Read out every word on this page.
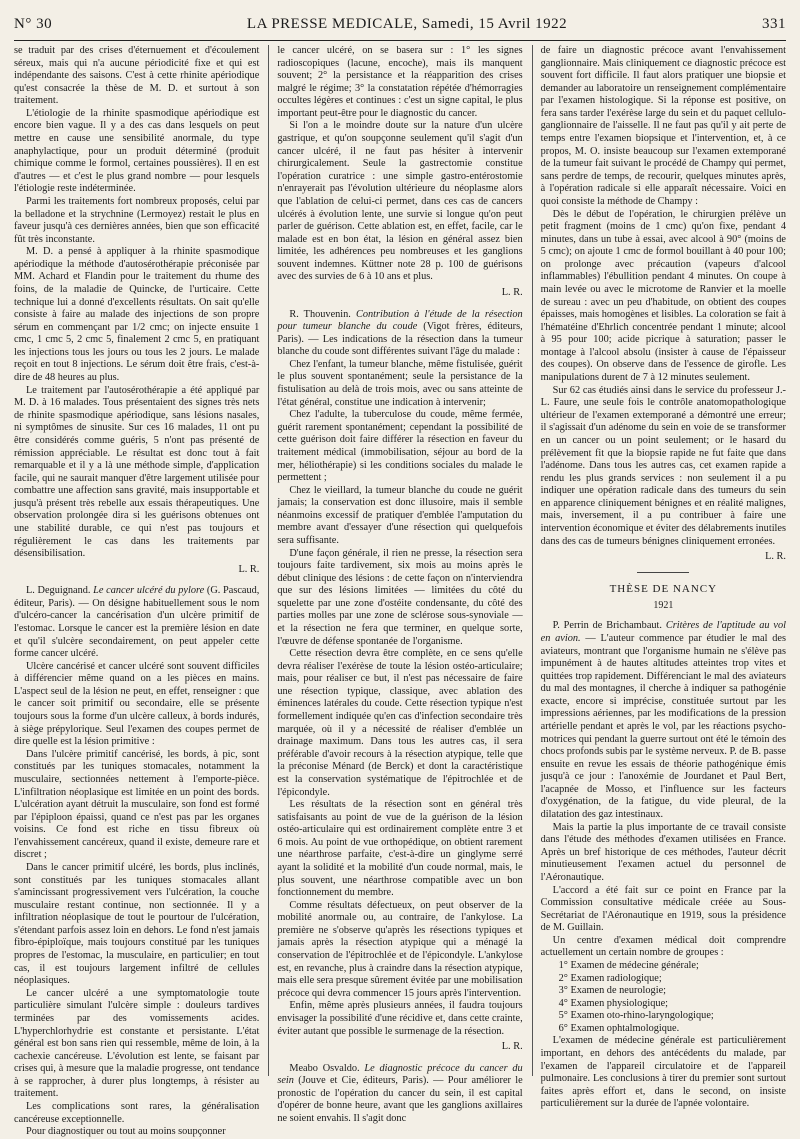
N° 30	LA PRESSE MEDICALE, Samedi, 15 Avril 1922	331

se traduit par des crises d'éternuement et d'écoulement séreux, mais qui n'a aucune périodicité fixe et qui est indépendante des saisons. C'est à cette rhinite apériodique qu'est consacrée la thèse de M. D. et surtout à son traitement.

L'étiologie de la rhinite spasmodique apériodique est encore bien vague. Il y a des cas dans lesquels on peut mettre en cause une sensibilité anormale, du type anaphylactique, pour un produit déterminé (produit chimique comme le formol, certaines poussières). Il en est d'autres — et c'est le plus grand nombre — pour lesquels l'étiologie reste indéterminée.

Parmi les traitements fort nombreux proposés, celui par la belladone et la strychnine (Lermoyez) restait le plus en faveur jusqu'à ces dernières années, bien que son efficacité fût très inconstante.

M. D. a pensé à appliquer à la rhinite spasmodique apériodique la méthode d'autosérothérapie préconisée par MM. Achard et Flandin pour le traitement du rhume des foins, de la maladie de Quincke, de l'urticaire. Cette technique lui a donné d'excellents résultats. On sait qu'elle consiste à faire au malade des injections de son propre sérum en commençant par 1/2 cmc; on injecte ensuite 1 cmc, 1 cmc 5, 2 cmc 5, finalement 2 cmc 5, en pratiquant les injections tous les jours ou tous les 2 jours. Le malade reçoit en tout 8 injections. Le sérum doit être frais, c'est-à-dire de 48 heures au plus.

Le traitement par l'autosérothérapie a été appliqué par M. D. à 16 malades. Tous présentaient des signes très nets de rhinite spasmodique apériodique, sans lésions nasales, ni symptômes de sinusite. Sur ces 16 malades, 11 ont pu être considérés comme guéris, 5 n'ont pas présenté de rémission appréciable. Le résultat est donc tout à fait remarquable et il y a là une méthode simple, d'application facile, qui ne saurait manquer d'être largement utilisée pour combattre une affection sans gravité, mais insupportable et jusqu'à présent très rebelle aux essais thérapeutiques. Une observation prolongée dira si les guérisons obtenues ont une stabilité durable, ce qui n'est pas toujours et régulièrement le cas dans les traitements par désensibilisation.

L. R.

L. Deguignand. Le cancer ulcéré du pylore (G. Pascaud, éditeur, Paris). — On désigne habituellement sous le nom d'ulcéro-cancer la cancérisation d'un ulcère primitif de l'estomac. Lorsque le cancer est la première lésion en date et qu'il s'ulcère secondairement, on peut appeler cette forme cancer ulcéré.

Ulcère cancérisé et cancer ulcéré sont souvent difficiles à différencier même quand on a les pièces en mains. L'aspect seul de la lésion ne peut, en effet, renseigner : que le cancer soit primitif ou secondaire, elle se présente toujours sous la forme d'un ulcère calleux, à bords indurés, à siège prépylorique. Seul l'examen des coupes permet de dire quelle est la lésion primitive :

Dans l'ulcère primitif cancérisé, les bords, à pic, sont constitués par les tuniques stomacales, notamment la musculaire, sectionnées nettement à l'emporte-pièce. L'infiltration néoplasique est limitée en un point des bords. L'ulcération ayant détruit la musculaire, son fond est formé par l'épiploon épaissi, quand ce n'est pas par les organes voisins. Ce fond est riche en tissu fibreux où l'envahissement cancéreux, quand il existe, demeure rare et discret ;

Dans le cancer primitif ulcéré, les bords, plus inclinés, sont constitués par les tuniques stomacales allant s'amincissant progressivement vers l'ulcération, la couche musculaire restant continue, non sectionnée. Il y a infiltration néoplasique de tout le pourtour de l'ulcération, s'étendant parfois assez loin en dehors. Le fond n'est jamais fibro-épiploïque, mais toujours constitué par les tuniques propres de l'estomac, la musculaire, en particulier; en tout cas, il est toujours largement infiltré de cellules néoplasiques.

Le cancer ulcéré a une symptomatologie toute particulière simulant l'ulcère simple : douleurs tardives terminées par des vomissements acides. L'hyperchlorhydrie est constante et persistante. L'état général est bon sans rien qui ressemble, même de loin, à la cachexie cancéreuse. L'évolution est lente, se faisant par crises qui, à mesure que la maladie progresse, ont tendance à se rapprocher, à durer plus longtemps, à résister au traitement.

Les complications sont rares, la généralisation cancéreuse exceptionnelle.

Pour diagnostiquer ou tout au moins soupçonner

le cancer ulcéré, on se basera sur : 1° les signes radioscopiques (lacune, encoche), mais ils manquent souvent; 2° la persistance et la réapparition des crises malgré le régime; 3° la constatation répétée d'hémorragies occultes légères et continues : c'est un signe capital, le plus important peut-être pour le diagnostic du cancer.

Si l'on a le moindre doute sur la nature d'un ulcère gastrique, et qu'on soupçonne seulement qu'il s'agit d'un cancer ulcéré, il ne faut pas hésiter à intervenir chirurgicalement. Seule la gastrectomie constitue l'opération curatrice : une simple gastro-entérostomie n'enrayerait pas l'évolution ultérieure du néoplasme alors que l'ablation de celui-ci permet, dans ces cas de cancers ulcérés à évolution lente, une survie si longue qu'on peut parler de guérison. Cette ablation est, en effet, facile, car le malade est en bon état, la lésion en général assez bien limitée, les adhérences peu nombreuses et les ganglions souvent indemnes. Küttner note 28 p. 100 de guérisons avec des survies de 6 à 10 ans et plus.

L. R.

R. Thouvenin. Contribution à l'étude de la résection pour tumeur blanche du coude (Vigot frères, éditeurs, Paris). — Les indications de la résection dans la tumeur blanche du coude sont différentes suivant l'âge du malade :

Chez l'enfant, la tumeur blanche, même fistulisée, guérit le plus souvent spontanément; seule la persistance de la fistulisation au delà de trois mois, avec ou sans atteinte de l'état général, constitue une indication à intervenir;

Chez l'adulte, la tuberculose du coude, même fermée, guérit rarement spontanément; cependant la possibilité de cette guérison doit faire différer la résection en faveur du traitement médical (immobilisation, séjour au bord de la mer, héliothérapie) si les conditions sociales du malade le permettent ;

Chez le vieillard, la tumeur blanche du coude ne guérit jamais; la conservation est donc illusoire, mais il semble néanmoins excessif de pratiquer d'emblée l'amputation du membre avant d'essayer d'une résection qui quelquefois sera suffisante.

D'une façon générale, il rien ne presse, la résection sera toujours faite tardivement, six mois au moins après le début clinique des lésions : de cette façon on n'interviendra que sur des lésions limitées — limitées du côté du squelette par une zone d'ostéite condensante, du côté des parties molles par une zone de sclérose sous-synoviale — et la résection ne fera que terminer, en quelque sorte, l'œuvre de défense spontanée de l'organisme.

Cette résection devra être complète, en ce sens qu'elle devra réaliser l'exérèse de toute la lésion ostéo-articulaire; mais, pour réaliser ce but, il n'est pas nécessaire de faire une résection typique, classique, avec ablation des éminences latérales du coude. Cette résection typique n'est formellement indiquée qu'en cas d'infection secondaire très marquée, où il y a nécessité de réaliser d'emblée un drainage maximum. Dans tous les autres cas, il sera préférable d'avoir recours à la résection atypique, telle que la préconise Ménard (de Berck) et dont la caractéristique est la conservation systématique de l'épitrochlée et de l'épicondyle.

Les résultats de la résection sont en général très satisfaisants au point de vue de la guérison de la lésion ostéo-articulaire qui est ordinairement complète entre 3 et 6 mois. Au point de vue orthopédique, on obtient rarement une néarthrose parfaite, c'est-à-dire un ginglyme serré ayant la solidité et la mobilité d'un coude normal, mais, le plus souvent, une néarthrose compatible avec un bon fonctionnement du membre.

Comme résultats défectueux, on peut observer de la mobilité anormale ou, au contraire, de l'ankylose. La première ne s'observe qu'après les résections typiques et jamais après la résection atypique qui a ménagé la conservation de l'épitrochlée et de l'épicondyle. L'ankylose est, en revanche, plus à craindre dans la résection atypique, mais elle sera presque sûrement évitée par une mobilisation précoce qui devra commencer 15 jours après l'intervention.

Enfin, même après plusieurs années, il faudra toujours envisager la possibilité d'une récidive et, dans cette crainte, éviter autant que possible le surmenage de la résection.

L. R.

Meabo Osvaldo. Le diagnostic précoce du cancer du sein (Jouve et Cie, éditeurs, Paris). — Pour améliorer le pronostic de l'opération du cancer du sein, il est capital d'opérer de bonne heure, avant que les ganglions axillaires ne soient envahis. Il s'agit donc

de faire un diagnostic précoce avant l'envahissement ganglionnaire. Mais cliniquement ce diagnostic précoce est souvent fort difficile. Il faut alors pratiquer une biopsie et demander au laboratoire un renseignement complémentaire par l'examen histologique. Si la réponse est positive, on fera sans tarder l'exérèse large du sein et du paquet cellulo-ganglionnaire de l'aisselle. Il ne faut pas qu'il y ait perte de temps entre l'examen biopsique et l'intervention, et, à ce propos, M. O. insiste beaucoup sur l'examen extemporané de la tumeur fait suivant le procédé de Champy qui permet, sans perdre de temps, de recourir, quelques minutes après, à l'opération radicale si elle apparaît nécessaire. Voici en quoi consiste la méthode de Champy :

Dès le début de l'opération, le chirurgien prélève un petit fragment (moins de 1 cmc) qu'on fixe, pendant 4 minutes, dans un tube à essai, avec alcool à 90° (moins de 5 cmc); on ajoute 1 cmc de formol bouillant à 40 pour 100; on prolonge avec précaution (vapeurs d'alcool inflammables) l'ébullition pendant 4 minutes. On coupe à main levée ou avec le microtome de Ranvier et la moelle de sureau : avec un peu d'habitude, on obtient des coupes épaisses, mais homogènes et lisibles. La coloration se fait à l'hématéine d'Ehrlich concentrée pendant 1 minute; alcool à 95 pour 100; acide picrique à saturation; passer le montage à l'alcool absolu (insister à cause de l'épaisseur des coupes). On observe dans de l'essence de girofle. Les manipulations durent de 7 à 12 minutes seulement.

Sur 62 cas étudiés ainsi dans le service du professeur J.-L. Faure, une seule fois le contrôle anatomopathologique ultérieur de l'examen extemporané a démontré une erreur; il s'agissait d'un adénome du sein en voie de se transformer en un cancer ou un point seulement; or le hasard du prélèvement fit que la biopsie rapide ne fut faite que dans l'adénome. Dans tous les autres cas, cet examen rapide a rendu les plus grands services : non seulement il a pu indiquer une opération radicale dans des tumeurs du sein en apparence cliniquement bénignes et en réalité malignes, mais, inversement, il a pu contribuer à faire une intervention économique et éviter des délabrements inutiles dans des cas de tumeurs bénignes cliniquement erronées.

L. R.
THÈSE DE NANCY
1921

P. Perrin de Brichambaut. Critères de l'aptitude au vol en avion. — L'auteur commence par étudier le mal des aviateurs, montrant que l'organisme humain ne s'élève pas impunément à de hautes altitudes atteintes trop vites et quittées trop rapidement. Différenciant le mal des aviateurs du mal des montagnes, il cherche à indiquer sa pathogénie exacte, encore si imprécise, constituée surtout par les impressions aériennes, par les modifications de la pression artérielle pendant et après le vol, par les réactions psycho-motrices qui pendant la guerre surtout ont été le témoin des chocs profonds subis par le système nerveux. P. de B. passe ensuite en revue les essais de théorie pathogénique émis jusqu'à ce jour : l'anoxémie de Jourdanet et Paul Bert, l'acapnée de Mosso, et l'influence sur les facteurs d'oxygénation, de la fatigue, du vide pleural, de la dilatation des gaz intestinaux.

Mais la partie la plus importante de ce travail consiste dans l'étude des méthodes d'examen utilisées en France. Après un bref historique de ces méthodes, l'auteur décrit minutieusement l'examen actuel du personnel de l'Aéronautique.

L'accord a été fait sur ce point en France par la Commission consultative médicale créée au Sous-Secrétariat de l'Aéronautique en 1919, sous la présidence de M. Guillain.

Un centre d'examen médical doit comprendre actuellement un certain nombre de groupes :

1° Examen de médecine générale;
2° Examen radiologique;
3° Examen de neurologie;
4° Examen physiologique;
5° Examen oto-rhino-laryngologique;
6° Examen ophtalmologique.

L'examen de médecine générale est particulièrement important, en dehors des antécédents du malade, par l'examen de l'appareil circulatoire et de l'appareil pulmonaire. Les conclusions à tirer du premier sont surtout faites après effort et, dans le second, on insiste particulièrement sur la durée de l'apnée volontaire.
